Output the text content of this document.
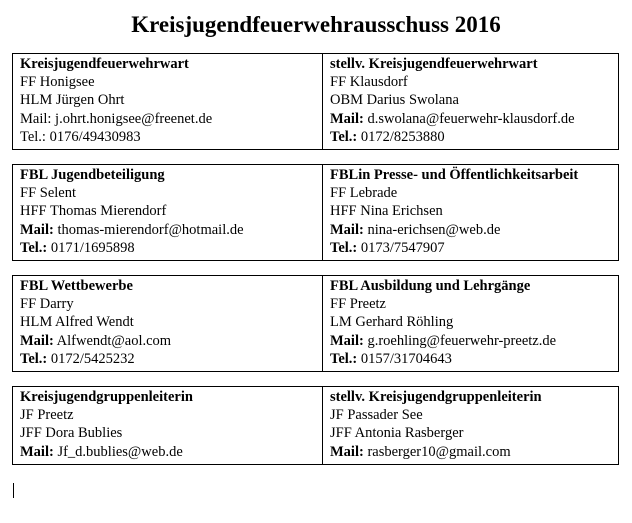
Kreisjugendfeuerwehrausschuss 2016
Kreisjugendfeuerwehrwart
FF Honigsee
HLM Jürgen Ohrt
Mail: j.ohrt.honigsee@freenet.de
Tel.: 0176/49430983

stellv. Kreisjugendfeuerwehrwart
FF Klausdorf
OBM Darius Swolana
Mail: d.swolana@feuerwehr-klausdorf.de
Tel.: 0172/8253880
FBL Jugendbeteiligung
FF Selent
HFF Thomas Mierendorf
Mail: thomas-mierendorf@hotmail.de
Tel.: 0171/1695898

FBLin Presse- und Öffentlichkeitsarbeit
FF Lebrade
HFF Nina Erichsen
Mail: nina-erichsen@web.de
Tel.: 0173/7547907
FBL Wettbewerbe
FF Darry
HLM Alfred Wendt
Mail: Alfwendt@aol.com
Tel.: 0172/5425232

FBL Ausbildung und Lehrgänge
FF Preetz
LM Gerhard Röhling
Mail: g.roehling@feuerwehr-preetz.de
Tel.: 0157/31704643
Kreisjugendgruppenleiterin
JF Preetz
JFF Dora Bublies
Mail: Jf_d.bublies@web.de

stellv. Kreisjugendgruppenleiterin
JF Passader See
JFF Antonia Rasberger
Mail: rasberger10@gmail.com
